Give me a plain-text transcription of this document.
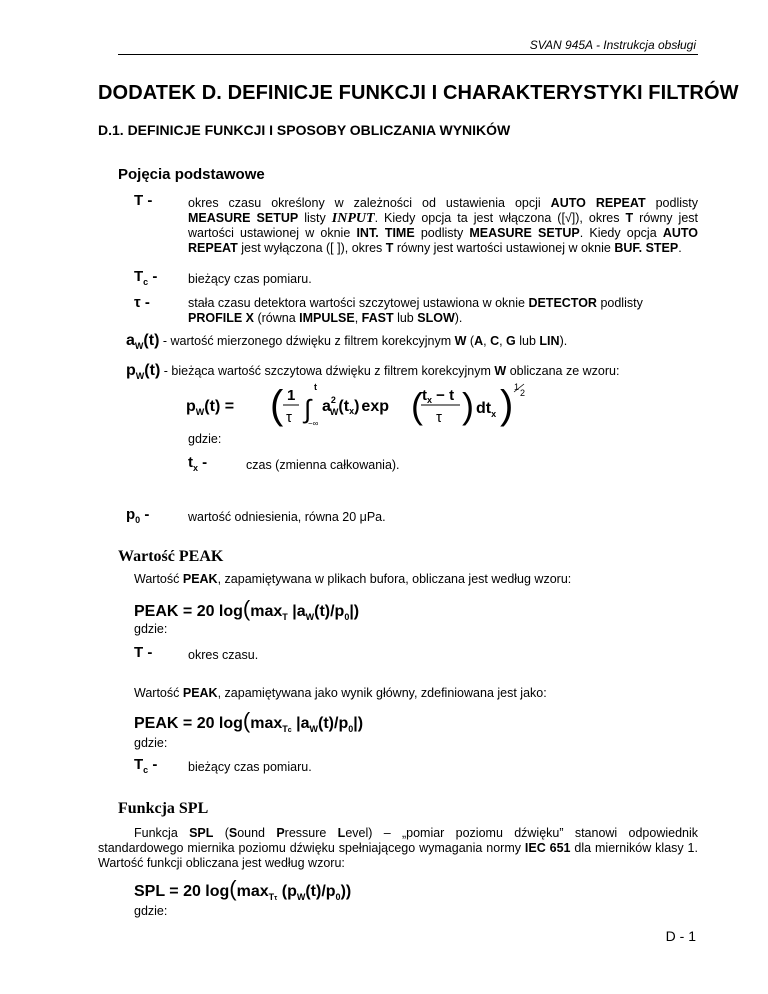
SVAN 945A - Instrukcja obsługi
DODATEK D. DEFINICJE FUNKCJI I CHARAKTERYSTYKI FILTRÓW
D.1. DEFINICJE FUNKCJI I SPOSOBY OBLICZANIA WYNIKÓW
Pojęcia podstawowe
T -	okres czasu określony w zależności od ustawienia opcji AUTO REPEAT podlisty MEASURE SETUP listy INPUT. Kiedy opcja ta jest włączona ([√]), okres T równy jest wartości ustawionej w oknie INT. TIME podlisty MEASURE SETUP. Kiedy opcja AUTO REPEAT jest wyłączona ([ ]), okres T równy jest wartości ustawionej w oknie BUF. STEP.
$T_c$ - bieżący czas pomiaru.
τ -	stała czasu detektora wartości szczytowej ustawiona w oknie DETECTOR podlisty PROFILE X (równa IMPULSE, FAST lub SLOW).
$a_W(t)$ - wartość mierzonego dźwięku z filtrem korekcyjnym W (A, C, G lub LIN).
$p_W(t)$ - bieżąca wartość szczytowa dźwięku z filtrem korekcyjnym W obliczana ze wzoru:
$p_W(t)$ = ( 1
τ
t
∫
−∞
$a^2$ W(tx) exp ( $t_x - t$
τ ) $dt_x$ ) 1
2
gdzie:
$t_x$ -	czas (zmienna całkowania).
$p_0$ -	wartość odniesienia, równa 20 μPa.
Wartość PEAK
Wartość PEAK, zapamiętywana w plikach bufora, obliczana jest według wzoru:
PEAK = 20 $\log(\max_T$ $|a_W(t)/p_0|$)
gdzie:
T -	okres czasu.
Wartość PEAK, zapamiętywana jako wynik główny, zdefiniowana jest jako:
PEAK = 20 $\log(\max_{Tc}$ $|a_W(t)/p_0|$)
gdzie:
$T_c$ - bieżący czas pomiaru.
Funkcja SPL
Funkcja SPL (Sound Pressure Level) – „pomiar poziomu dźwięku” stanowi odpowiednik standardowego miernika poziomu dźwięku spełniającego wymagania normy IEC 651 dla mierników klasy 1. Wartość funkcji obliczana jest według wzoru:
SPL = 20 $\log(\max_{T\tau}$ $(p_W(t)/p_0)$)
gdzie:
D - 1
